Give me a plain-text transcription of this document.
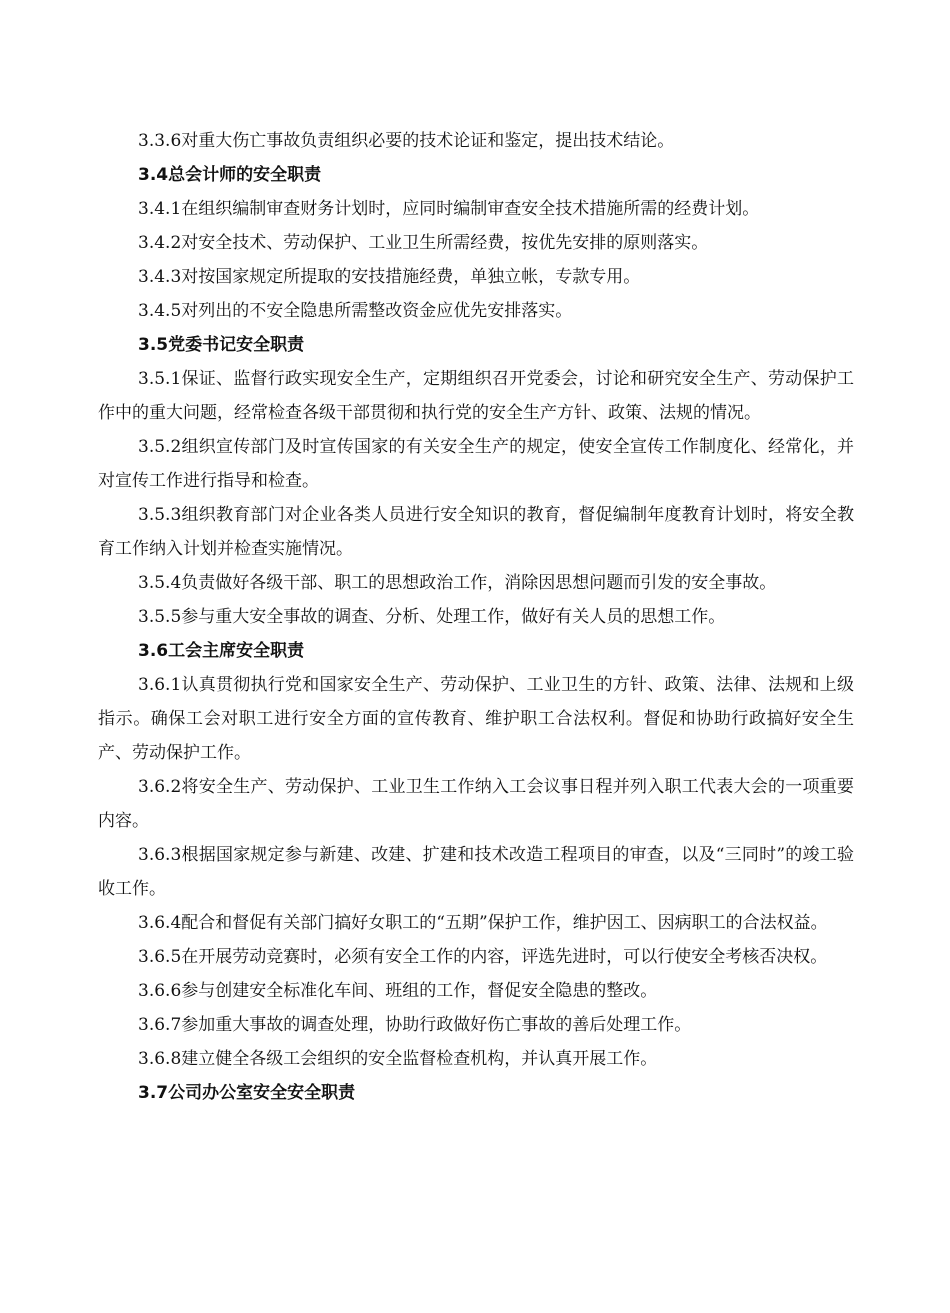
3.3.6对重大伤亡事故负责组织必要的技术论证和鉴定，提出技术结论。

3.4总会计师的安全职责

3.4.1在组织编制审查财务计划时，应同时编制审查安全技术措施所需的经费计划。

3.4.2对安全技术、劳动保护、工业卫生所需经费，按优先安排的原则落实。

3.4.3对按国家规定所提取的安技措施经费，单独立帐，专款专用。

3.4.5对列出的不安全隐患所需整改资金应优先安排落实。

3.5党委书记安全职责

3.5.1保证、监督行政实现安全生产，定期组织召开党委会，讨论和研究安全生产、劳动保护工作中的重大问题，经常检查各级干部贯彻和执行党的安全生产方针、政策、法规的情况。

3.5.2组织宣传部门及时宣传国家的有关安全生产的规定，使安全宣传工作制度化、经常化，并对宣传工作进行指导和检查。

3.5.3组织教育部门对企业各类人员进行安全知识的教育，督促编制年度教育计划时，将安全教育工作纳入计划并检查实施情况。

3.5.4负责做好各级干部、职工的思想政治工作，消除因思想问题而引发的安全事故。

3.5.5参与重大安全事故的调查、分析、处理工作，做好有关人员的思想工作。

3.6工会主席安全职责

3.6.1认真贯彻执行党和国家安全生产、劳动保护、工业卫生的方针、政策、法律、法规和上级指示。确保工会对职工进行安全方面的宣传教育、维护职工合法权利。督促和协助行政搞好安全生产、劳动保护工作。

3.6.2将安全生产、劳动保护、工业卫生工作纳入工会议事日程并列入职工代表大会的一项重要内容。

3.6.3根据国家规定参与新建、改建、扩建和技术改造工程项目的审查，以及“三同时”的竣工验收工作。

3.6.4配合和督促有关部门搞好女职工的“五期”保护工作，维护因工、因病职工的合法权益。

3.6.5在开展劳动竞赛时，必须有安全工作的内容，评选先进时，可以行使安全考核否决权。

3.6.6参与创建安全标准化车间、班组的工作，督促安全隐患的整改。

3.6.7参加重大事故的调查处理，协助行政做好伤亡事故的善后处理工作。

3.6.8建立健全各级工会组织的安全监督检查机构，并认真开展工作。

3.7公司办公室安全安全职责
